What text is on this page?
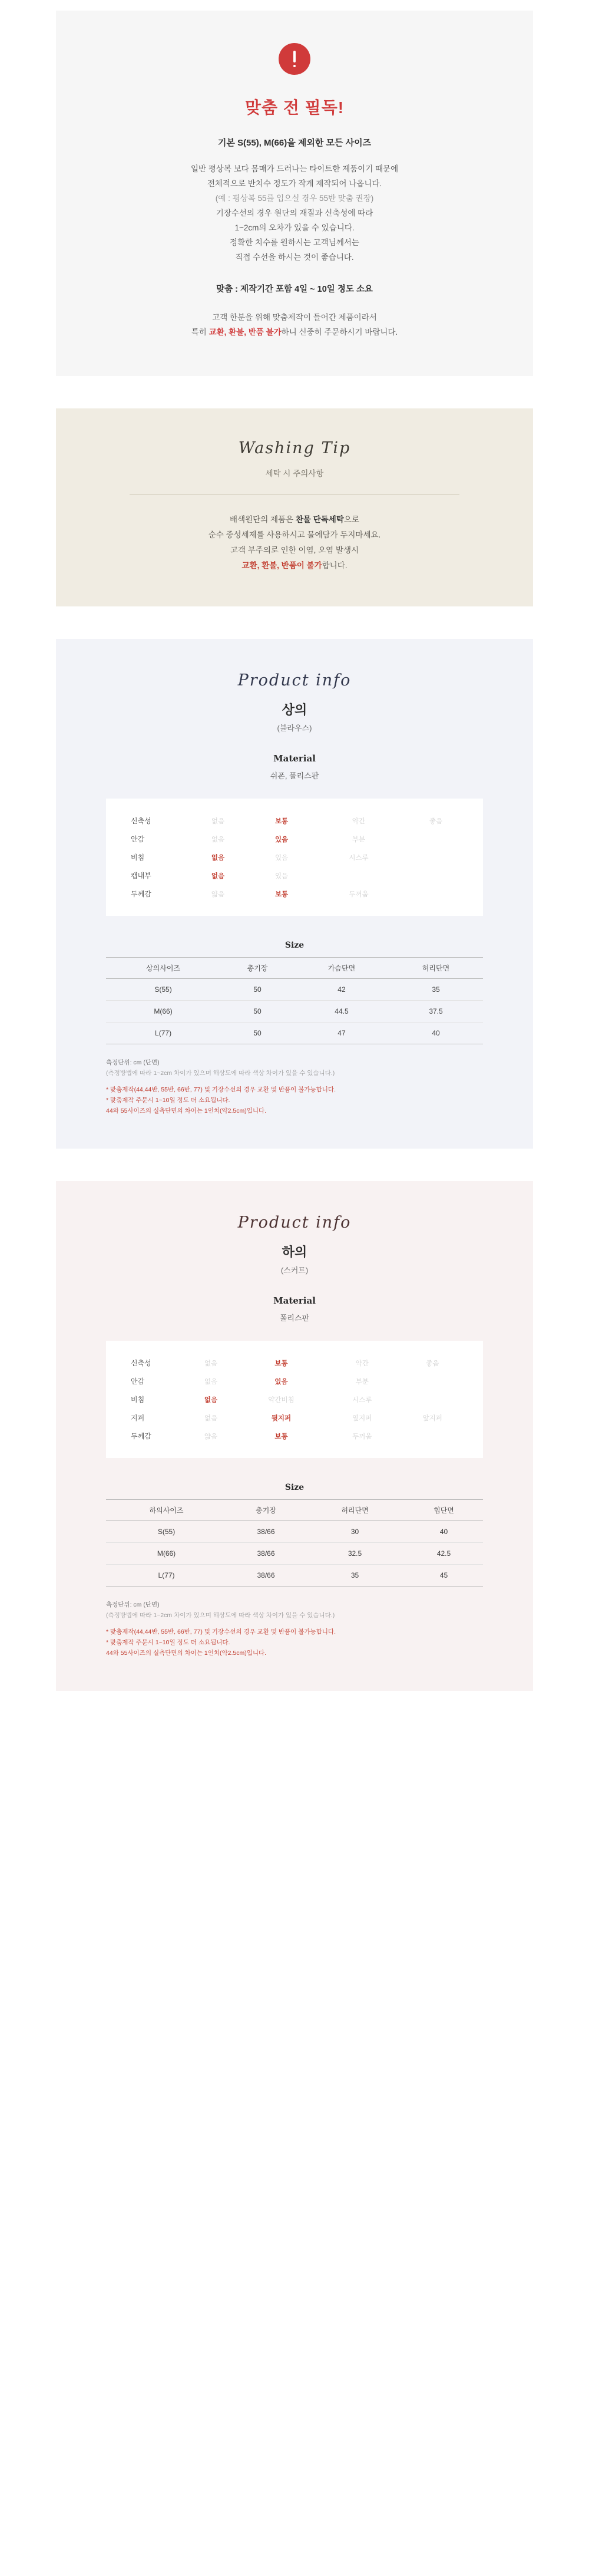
맞춤 전 필독!
기본 S(55), M(66)을 제외한 모든 사이즈
일반 평상복 보다 몸매가 드러나는 타이트한 제품이기 때문에
전체적으로 반치수 정도가 작게 제작되어 나옵니다.
(예 : 평상복 55를 입으실 경우 55반 맞춤 권장)
기장수선의 경우 원단의 재질과 신축성에 따라
1~2cm의 오차가 있을 수 있습니다.
정확한 치수를 원하시는 고객님께서는
직접 수선을 하시는 것이 좋습니다.
맞춤 : 제작기간 포함 4일 ~ 10일 정도 소요
고객 한분을 위해 맞춤제작이 들어간 제품이라서
특히 교환, 환불, 반품 불가하니 신중히 주문하시기 바랍니다.
Washing Tip
세탁 시 주의사항
배색원단의 제품은 찬물 단독세탁으로
순수 중성세제를 사용하시고 물에담가 두지마세요.
고객 부주의로 인한 이염, 오염 발생시
교환, 환불, 반품이 불가합니다.
Product info
상의
(블라우스)
Material
쉬폰, 폴리스판
신축성	없음	보통	약간	좋음
안감	없음	있음	부분	
비침	없음	있음	시스루	
캡내부	없음	있음		
두께감	얇음	보통	두꺼움	
Size
상의사이즈	총기장	가슴단면	허리단면
S(55)	50	42	35
M(66)	50	44.5	37.5
L(77)	50	47	40
측정단위: cm (단면)
(측정방법에 따라 1~2cm 차이가 있으며 해상도에 따라 색상 차이가 있을 수 있습니다.)
* 맞춤제작(44,44반, 55반, 66반, 77) 및 기장수선의 경우 교환 및 반품이 불가능합니다.
* 맞춤제작 주문시 1~10일 정도 더 소요됩니다.
44와 55사이즈의 실측단면의 차이는 1인치(약2.5cm)입니다.
Product info
하의
(스커트)
Material
폴리스판
신축성	없음	보통	약간	좋음
안감	없음	있음	부분	
비침	없음	약간비침	시스루	
지퍼	없음	뒷지퍼	옆지퍼	앞지퍼
두께감	얇음	보통	두꺼움	
Size
하의사이즈	총기장	허리단면	힙단면
S(55)	38/66	30	40
M(66)	38/66	32.5	42.5
L(77)	38/66	35	45
측정단위: cm (단면)
(측정방법에 따라 1~2cm 차이가 있으며 해상도에 따라 색상 차이가 있을 수 있습니다.)
* 맞춤제작(44,44반, 55반, 66반, 77) 및 기장수선의 경우 교환 및 반품이 불가능합니다.
* 맞춤제작 주문시 1~10일 정도 더 소요됩니다.
44와 55사이즈의 실측단면의 차이는 1인치(약2.5cm)입니다.
